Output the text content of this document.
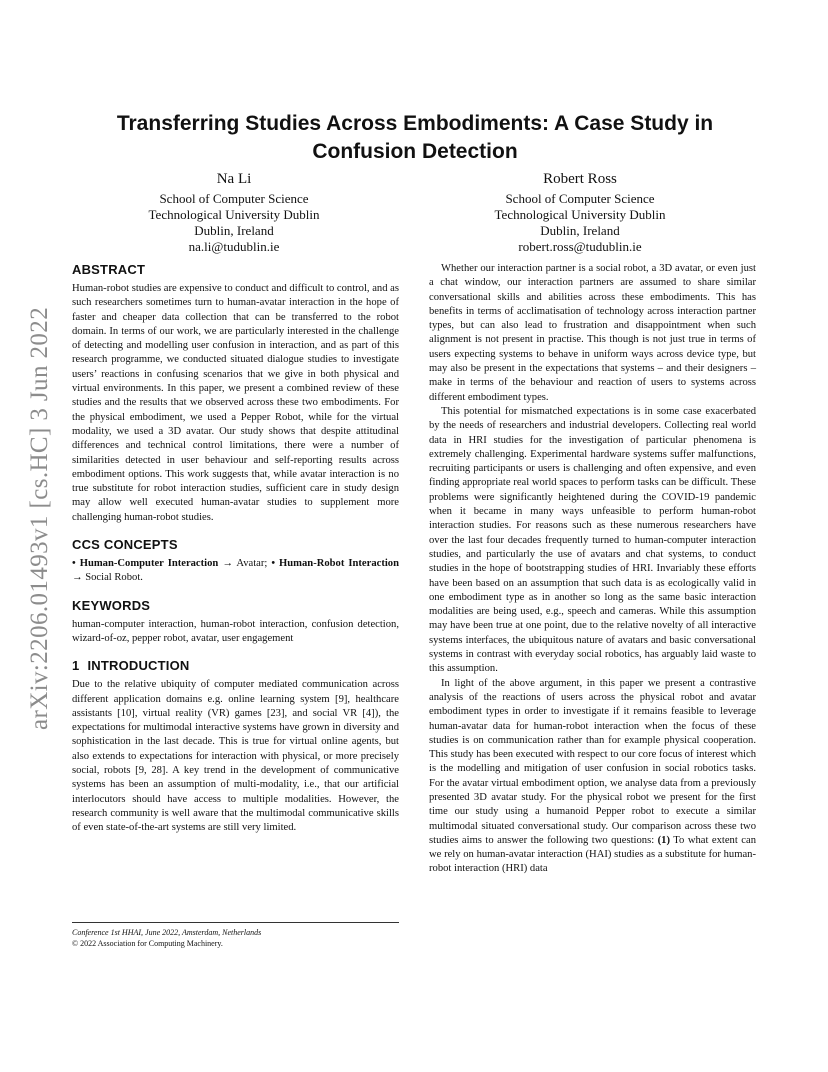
arXiv:2206.01493v1 [cs.HC] 3 Jun 2022
Transferring Studies Across Embodiments: A Case Study in Confusion Detection
Na Li
School of Computer Science
Technological University Dublin
Dublin, Ireland
na.li@tudublin.ie
Robert Ross
School of Computer Science
Technological University Dublin
Dublin, Ireland
robert.ross@tudublin.ie
ABSTRACT

Human-robot studies are expensive to conduct and difficult to control, and as such researchers sometimes turn to human-avatar interaction in the hope of faster and cheaper data collection that can be transferred to the robot domain. In terms of our work, we are particularly interested in the challenge of detecting and modelling user confusion in interaction, and as part of this research programme, we conducted situated dialogue studies to investigate users’ reactions in confusing scenarios that we give in both physical and virtual environments. In this paper, we present a combined review of these studies and the results that we observed across these two embodiments. For the physical embodiment, we used a Pepper Robot, while for the virtual modality, we used a 3D avatar. Our study shows that despite attitudinal differences and technical control limitations, there were a number of similarities detected in user behaviour and self-reporting results across embodiment options. This work suggests that, while avatar interaction is no true substitute for robot interaction studies, sufficient care in study design may allow well executed human-avatar studies to supplement more challenging human-robot studies.

CCS CONCEPTS

• Human-Computer Interaction → Avatar; • Human-Robot Interaction → Social Robot.

KEYWORDS

human-computer interaction, human-robot interaction, confusion detection, wizard-of-oz, pepper robot, avatar, user engagement

1 INTRODUCTION

Due to the relative ubiquity of computer mediated communication across different application domains e.g. online learning system [9], healthcare assistants [10], virtual reality (VR) games [23], and social VR [4]), the expectations for multimodal interactive systems have grown in diversity and sophistication in the last decade. This is true for virtual online agents, but also extends to expectations for interaction with physical, or more precisely social, robots [9, 28]. A key trend in the development of communicative systems has been an assumption of multi-modality, i.e., that our artificial interlocutors should have access to multiple modalities. However, the research community is well aware that the multimodal communicative skills of even state-of-the-art systems are still very limited.

Whether our interaction partner is a social robot, a 3D avatar, or even just a chat window, our interaction partners are assumed to share similar conversational skills and abilities across these embodiments. This has benefits in terms of acclimatisation of technology across interaction partner types, but can also lead to frustration and disappointment when such alignment is not present in practise. This though is not just true in terms of users expecting systems to behave in uniform ways across device type, but may also be present in the expectations that systems – and their designers – make in terms of the behaviour and reaction of users to systems across different embodiment types.

This potential for mismatched expectations is in some case exacerbated by the needs of researchers and industrial developers. Collecting real world data in HRI studies for the investigation of particular phenomena is extremely challenging. Experimental hardware systems suffer malfunctions, recruiting participants or users is challenging and often expensive, and even finding appropriate real world spaces to perform tasks can be difficult. These problems were significantly heightened during the COVID-19 pandemic when it became in many ways unfeasible to perform human-robot interaction studies. For reasons such as these numerous researchers have over the last four decades frequently turned to human-computer interaction studies, and particularly the use of avatars and chat systems, to conduct studies in the hope of bootstrapping studies of HRI. Invariably these efforts have been based on an assumption that such data is as ecologically valid in one embodiment type as in another so long as the same basic interaction modalities are being used, e.g., speech and cameras. While this assumption may have been true at one point, due to the relative novelty of all interactive systems interfaces, the ubiquitous nature of avatars and basic conversational systems in contrast with everyday social robotics, has arguably laid waste to this assumption.

In light of the above argument, in this paper we present a contrastive analysis of the reactions of users across the physical robot and avatar embodiment types in order to investigate if it remains feasible to leverage human-avatar data for human-robot interaction when the focus of these studies is on communication rather than for example physical cooperation. This study has been executed with respect to our core focus of interest which is the modelling and mitigation of user confusion in social robotics tasks. For the avatar virtual embodiment option, we analyse data from a previously presented 3D avatar study. For the physical robot we present for the first time our study using a humanoid Pepper robot to execute a similar multimodal situated conversational study. Our comparison across these two studies aims to answer the following two questions: (1) To what extent can we rely on human-avatar interaction (HAI) studies as a substitute for human-robot interaction (HRI) data

Conference 1st HHAI, June 2022, Amsterdam, Netherlands
© 2022 Association for Computing Machinery.
